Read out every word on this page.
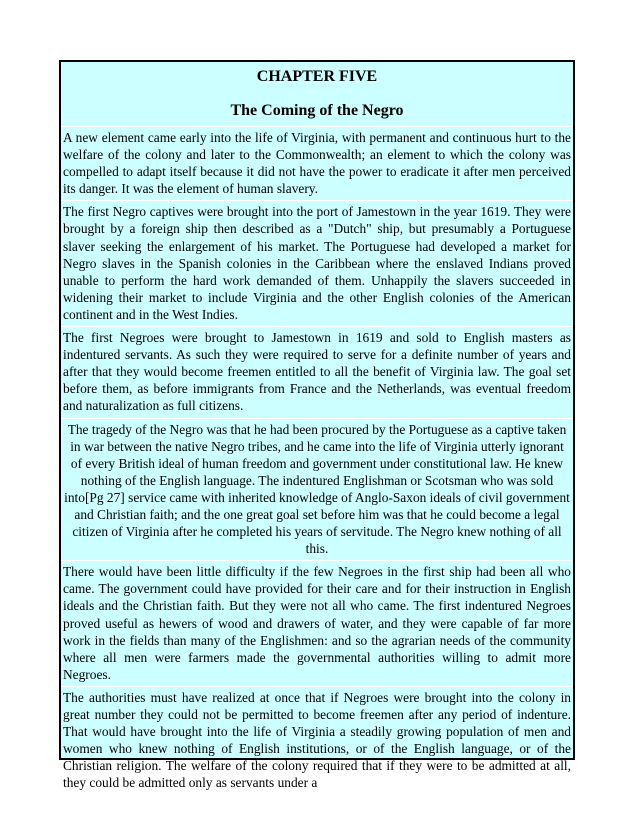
CHAPTER FIVE
The Coming of the Negro

A new element came early into the life of Virginia, with permanent and continuous hurt to the welfare of the colony and later to the Commonwealth; an element to which the colony was compelled to adapt itself because it did not have the power to eradicate it after men perceived its danger. It was the element of human slavery.

The first Negro captives were brought into the port of Jamestown in the year 1619. They were brought by a foreign ship then described as a "Dutch" ship, but presumably a Portuguese slaver seeking the enlargement of his market. The Portuguese had developed a market for Negro slaves in the Spanish colonies in the Caribbean where the enslaved Indians proved unable to perform the hard work demanded of them. Unhappily the slavers succeeded in widening their market to include Virginia and the other English colonies of the American continent and in the West Indies.

The first Negroes were brought to Jamestown in 1619 and sold to English masters as indentured servants. As such they were required to serve for a definite number of years and after that they would become freemen entitled to all the benefit of Virginia law. The goal set before them, as before immigrants from France and the Netherlands, was eventual freedom and naturalization as full citizens.

The tragedy of the Negro was that he had been procured by the Portuguese as a captive taken in war between the native Negro tribes, and he came into the life of Virginia utterly ignorant of every British ideal of human freedom and government under constitutional law. He knew nothing of the English language. The indentured Englishman or Scotsman who was sold into[Pg 27] service came with inherited knowledge of Anglo-Saxon ideals of civil government and Christian faith; and the one great goal set before him was that he could become a legal citizen of Virginia after he completed his years of servitude. The Negro knew nothing of all this.

There would have been little difficulty if the few Negroes in the first ship had been all who came. The government could have provided for their care and for their instruction in English ideals and the Christian faith. But they were not all who came. The first indentured Negroes proved useful as hewers of wood and drawers of water, and they were capable of far more work in the fields than many of the Englishmen: and so the agrarian needs of the community where all men were farmers made the governmental authorities willing to admit more Negroes.

The authorities must have realized at once that if Negroes were brought into the colony in great number they could not be permitted to become freemen after any period of indenture. That would have brought into the life of Virginia a steadily growing population of men and women who knew nothing of English institutions, or of the English language, or of the Christian religion. The welfare of the colony required that if they were to be admitted at all, they could be admitted only as servants under a
